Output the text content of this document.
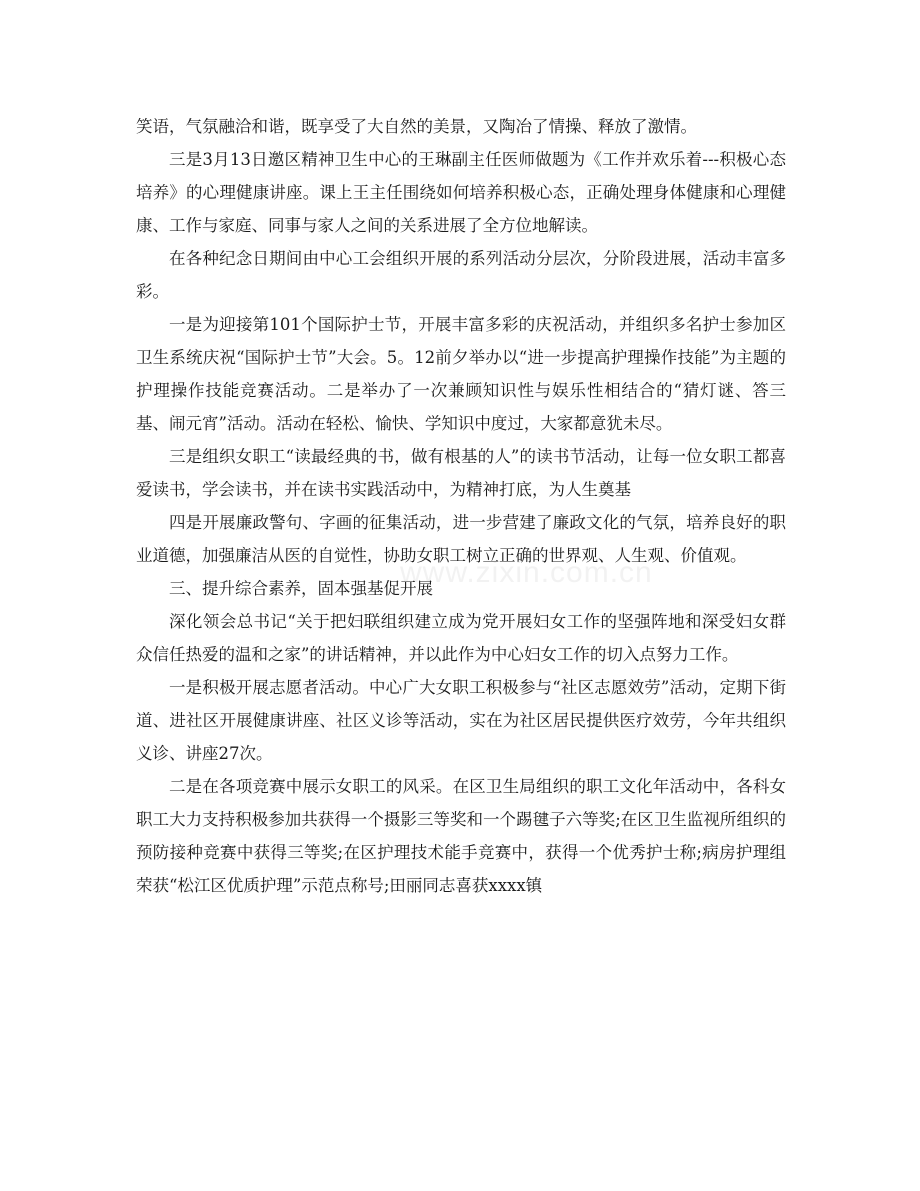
笑语，气氛融洽和谐，既享受了大自然的美景，又陶冶了情操、释放了激情。

三是3月13日邀区精神卫生中心的王琳副主任医师做题为《工作并欢乐着---积极心态培养》的心理健康讲座。课上王主任围绕如何培养积极心态，正确处理身体健康和心理健康、工作与家庭、同事与家人之间的关系进展了全方位地解读。

在各种纪念日期间由中心工会组织开展的系列活动分层次，分阶段进展，活动丰富多彩。

一是为迎接第101个国际护士节，开展丰富多彩的庆祝活动，并组织多名护士参加区卫生系统庆祝“国际护士节”大会。5。12前夕举办以“进一步提高护理操作技能”为主题的护理操作技能竞赛活动。二是举办了一次兼顾知识性与娱乐性相结合的“猜灯谜、答三基、闹元宵”活动。活动在轻松、愉快、学知识中度过，大家都意犹未尽。

三是组织女职工“读最经典的书，做有根基的人”的读书节活动，让每一位女职工都喜爱读书，学会读书，并在读书实践活动中，为精神打底，为人生奠基

四是开展廉政警句、字画的征集活动，进一步营建了廉政文化的气氛，培养良好的职业道德，加强廉洁从医的自觉性，协助女职工树立正确的世界观、人生观、价值观。

三、提升综合素养，固本强基促开展

深化领会总书记“关于把妇联组织建立成为党开展妇女工作的坚强阵地和深受妇女群众信任热爱的温和之家”的讲话精神，并以此作为中心妇女工作的切入点努力工作。

一是积极开展志愿者活动。中心广大女职工积极参与“社区志愿效劳”活动，定期下街道、进社区开展健康讲座、社区义诊等活动，实在为社区居民提供医疗效劳，今年共组织义诊、讲座27次。

二是在各项竞赛中展示女职工的风采。在区卫生局组织的职工文化年活动中，各科女职工大力支持积极参加共获得一个摄影三等奖和一个踢毽子六等奖;在区卫生监视所组织的预防接种竞赛中获得三等奖;在区护理技术能手竞赛中，获得一个优秀护士称;病房护理组荣获“松江区优质护理”示范点称号;田丽同志喜获xxxx镇

www.zixin.com.cn
